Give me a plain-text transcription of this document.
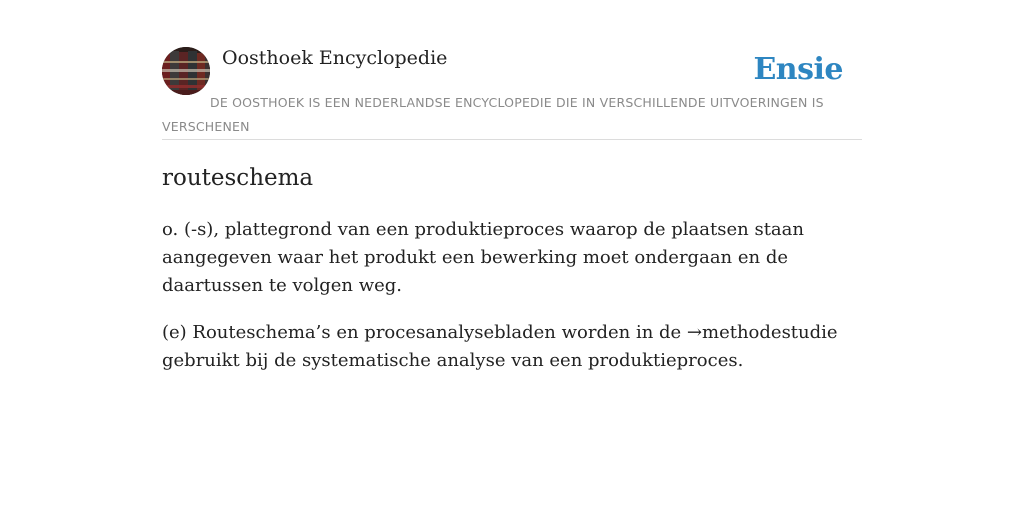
Oosthoek Encyclopedie	Ensie

DE OOSTHOEK IS EEN NEDERLANDSE ENCYCLOPEDIE DIE IN VERSCHILLENDE UITVOERINGEN IS VERSCHENEN

routeschema

o. (-s), plattegrond van een produktieproces waarop de plaatsen staan aangegeven waar het produkt een bewerking moet ondergaan en de daartussen te volgen weg.

(e) Routeschema’s en procesanalysebladen worden in de →methodestudie gebruikt bij de systematische analyse van een produktieproces.
